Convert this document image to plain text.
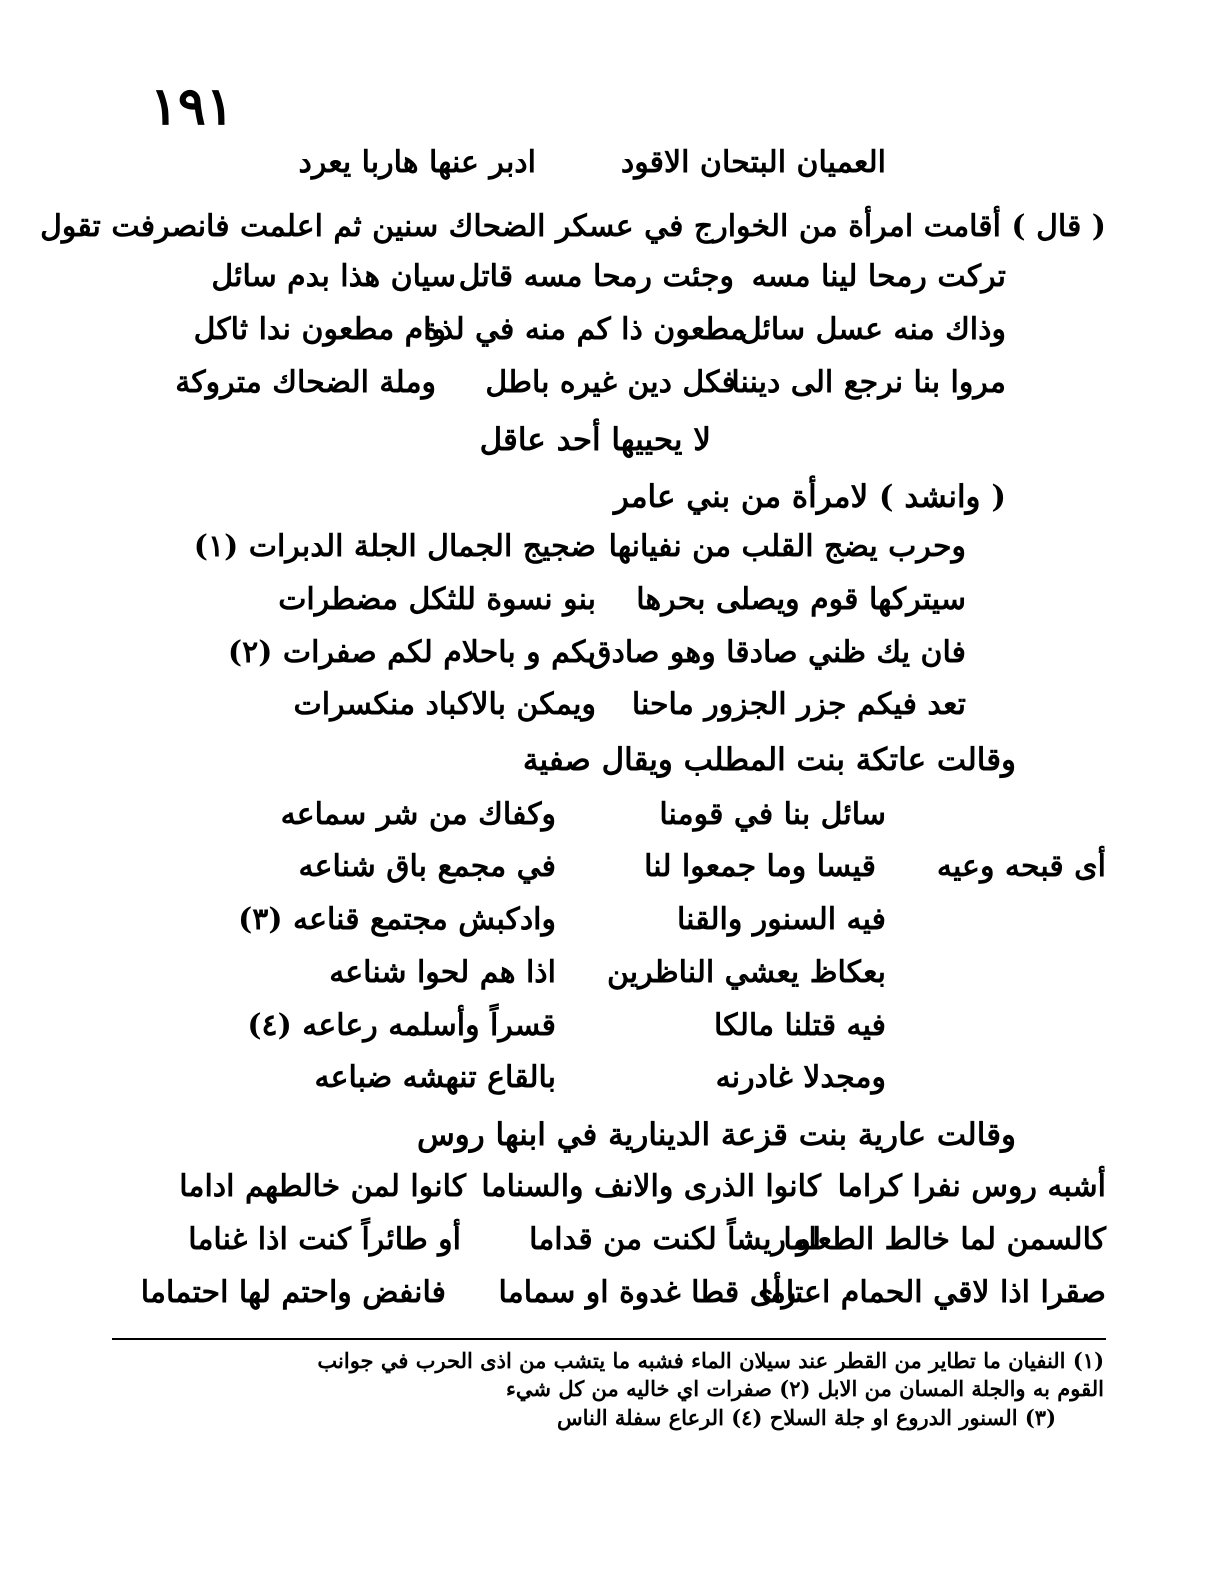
١٩١
العميان البتحان الاقود
ادبر عنها هاربا يعرد
( قال ) أقامت امرأة من الخوارج في عسكر الضحاك سنين ثم اعلمت فانصرفت تقول
تركت رمحا لينا مسه
وجئت رمحا مسه قاتل
سيان هذا بدم سائل
وذاك منه عسل سائل
مطعون ذا كم منه في لذة
وام مطعون ندا ثاكل
مروا بنا نرجع الى ديننا
فكل دين غيره باطل
وملة الضحاك متروكة
لا يحييها أحد عاقل
( وانشد ) لامرأة من بني عامر
وحرب يضج القلب من نفيانها
ضجيج الجمال الجلة الدبرات (١)
سيتركها قوم ويصلى بحرها
بنو نسوة للثكل مضطرات
فان يك ظني صادقا وهو صادق
بكم و باحلام لكم صفرات (٢)
تعد فيكم جزر الجزور ماحنا
ويمكن بالاكباد منكسرات
وقالت عاتكة بنت المطلب ويقال صفية
سائل بنا في قومنا
وكفاك من شر سماعه
أى قبحه وعيه
قيسا وما جمعوا لنا
في مجمع باق شناعه
فيه السنور والقنا
وادكبش مجتمع قناعه (٣)
بعكاظ يعشي الناظرين
اذا هم لحوا شناعه
فيه قتلنا مالكا
قسراً وأسلمه رعاعه (٤)
ومجدلا غادرنه
بالقاع تنهشه ضباعه
وقالت عارية بنت قزعة الدينارية في ابنها روس
أشبه روس نفرا كراما
كانوا الذرى والانف والسناما
كانوا لمن خالطهم اداما
كالسمن لما خالط الطعاما
لو ريشاً لكنت من قداما
أو طائراً كنت اذا غناما
صقرا اذا لاقي الحمام اعتاما
رأى قطا غدوة او سماما
فانفض واحتم لها احتماما
(١) النفيان ما تطاير من القطر عند سيلان الماء فشبه ما يتشب من اذى الحرب في جوانب
القوم به والجلة المسان من الابل (٢) صفرات اي خاليه من كل شيء
(٣) السنور الدروع او جلة السلاح (٤) الرعاع سفلة الناس
